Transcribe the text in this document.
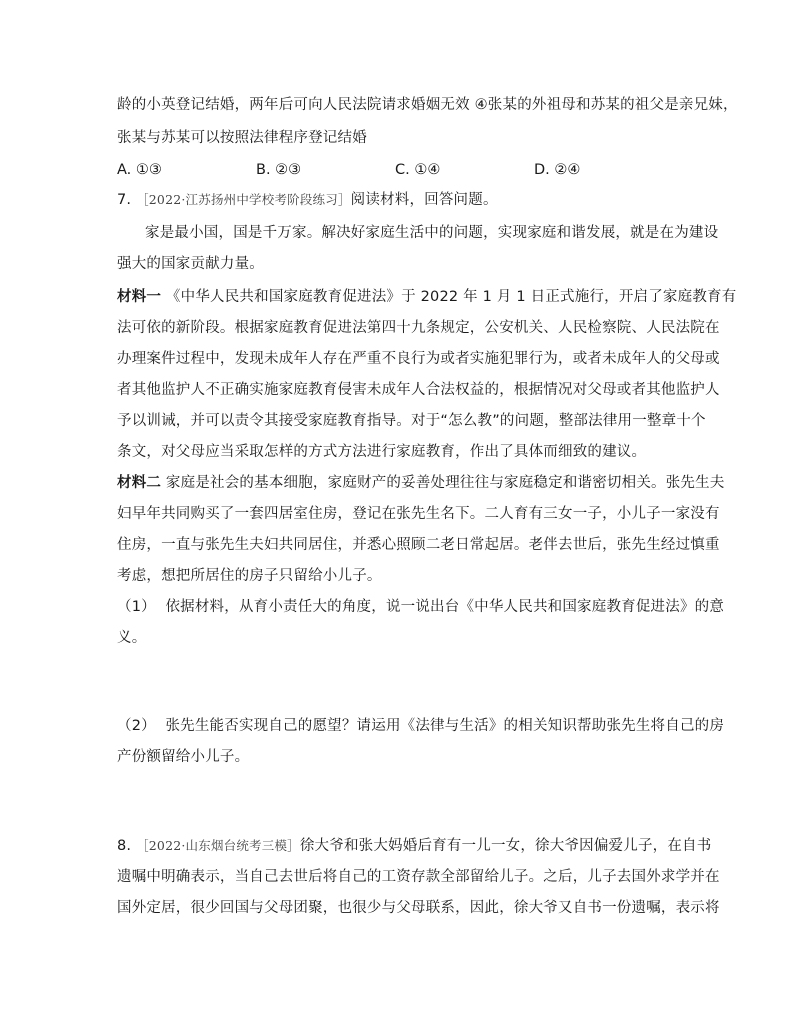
龄的小英登记结婚，两年后可向人民法院请求婚姻无效 ④张某的外祖母和苏某的祖父是亲兄妹，
张某与苏某可以按照法律程序登记结婚
A. ①③	B. ②③	C. ①④	D. ②④
7. ［2022·江苏扬州中学校考阶段练习］阅读材料，回答问题。
家是最小国，国是千万家。解决好家庭生活中的问题，实现家庭和谐发展，就是在为建设
强大的国家贡献力量。
材料一 《中华人民共和国家庭教育促进法》于 2022 年 1 月 1 日正式施行，开启了家庭教育有
法可依的新阶段。根据家庭教育促进法第四十九条规定，公安机关、人民检察院、人民法院在
办理案件过程中，发现未成年人存在严重不良行为或者实施犯罪行为，或者未成年人的父母或
者其他监护人不正确实施家庭教育侵害未成年人合法权益的，根据情况对父母或者其他监护人
予以训诫，并可以责令其接受家庭教育指导。对于“怎么教”的问题，整部法律用一整章十个
条文，对父母应当采取怎样的方式方法进行家庭教育，作出了具体而细致的建议。
材料二 家庭是社会的基本细胞，家庭财产的妥善处理往往与家庭稳定和谐密切相关。张先生夫
妇早年共同购买了一套四居室住房，登记在张先生名下。二人育有三女一子，小儿子一家没有
住房，一直与张先生夫妇共同居住，并悉心照顾二老日常起居。老伴去世后，张先生经过慎重
考虑，想把所居住的房子只留给小儿子。
（1） 依据材料，从育小责任大的角度，说一说出台《中华人民共和国家庭教育促进法》的意
义。
（2） 张先生能否实现自己的愿望？请运用《法律与生活》的相关知识帮助张先生将自己的房
产份额留给小儿子。
8. ［2022·山东烟台统考三模］徐大爷和张大妈婚后育有一儿一女，徐大爷因偏爱儿子，在自书
遗嘱中明确表示，当自己去世后将自己的工资存款全部留给儿子。之后，儿子去国外求学并在
国外定居，很少回国与父母团聚，也很少与父母联系，因此，徐大爷又自书一份遗嘱，表示将
